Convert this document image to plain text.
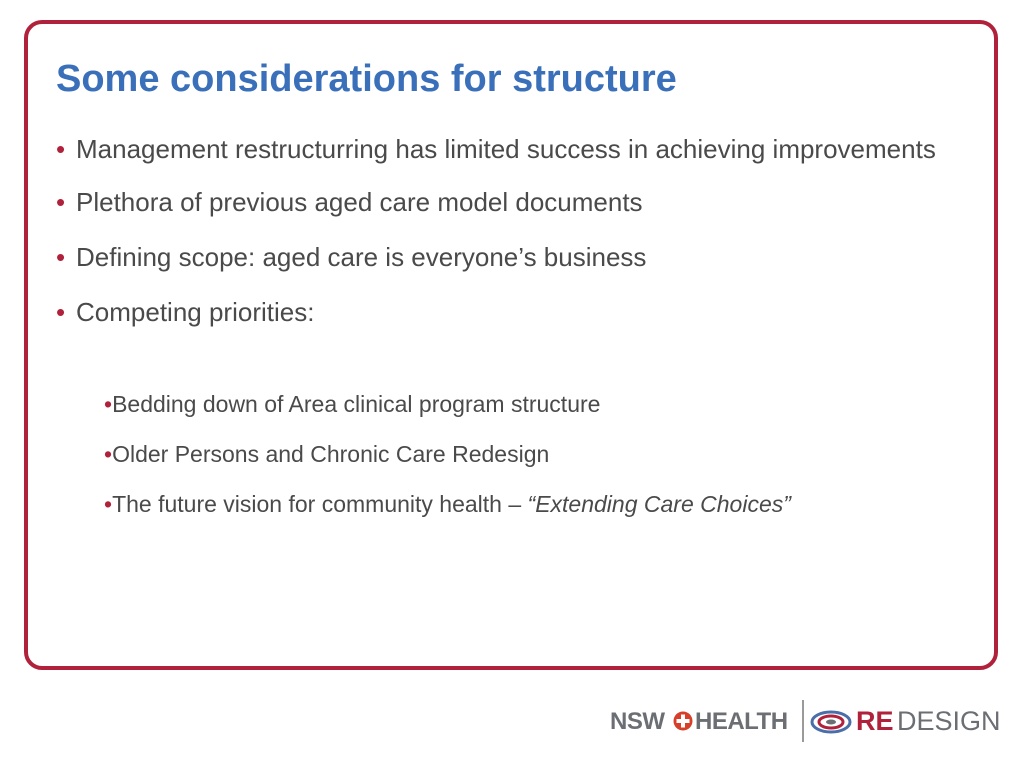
Some considerations for structure
• Management restructurring has limited success in achieving improvements
• Plethora of previous aged care model documents
• Defining scope: aged care is everyone’s business
• Competing priorities:
•Bedding down of Area clinical program structure
•Older Persons and Chronic Care Redesign
•The future vision for community health – “Extending Care Choices”
NSW HEALTH	RE DESIGN
